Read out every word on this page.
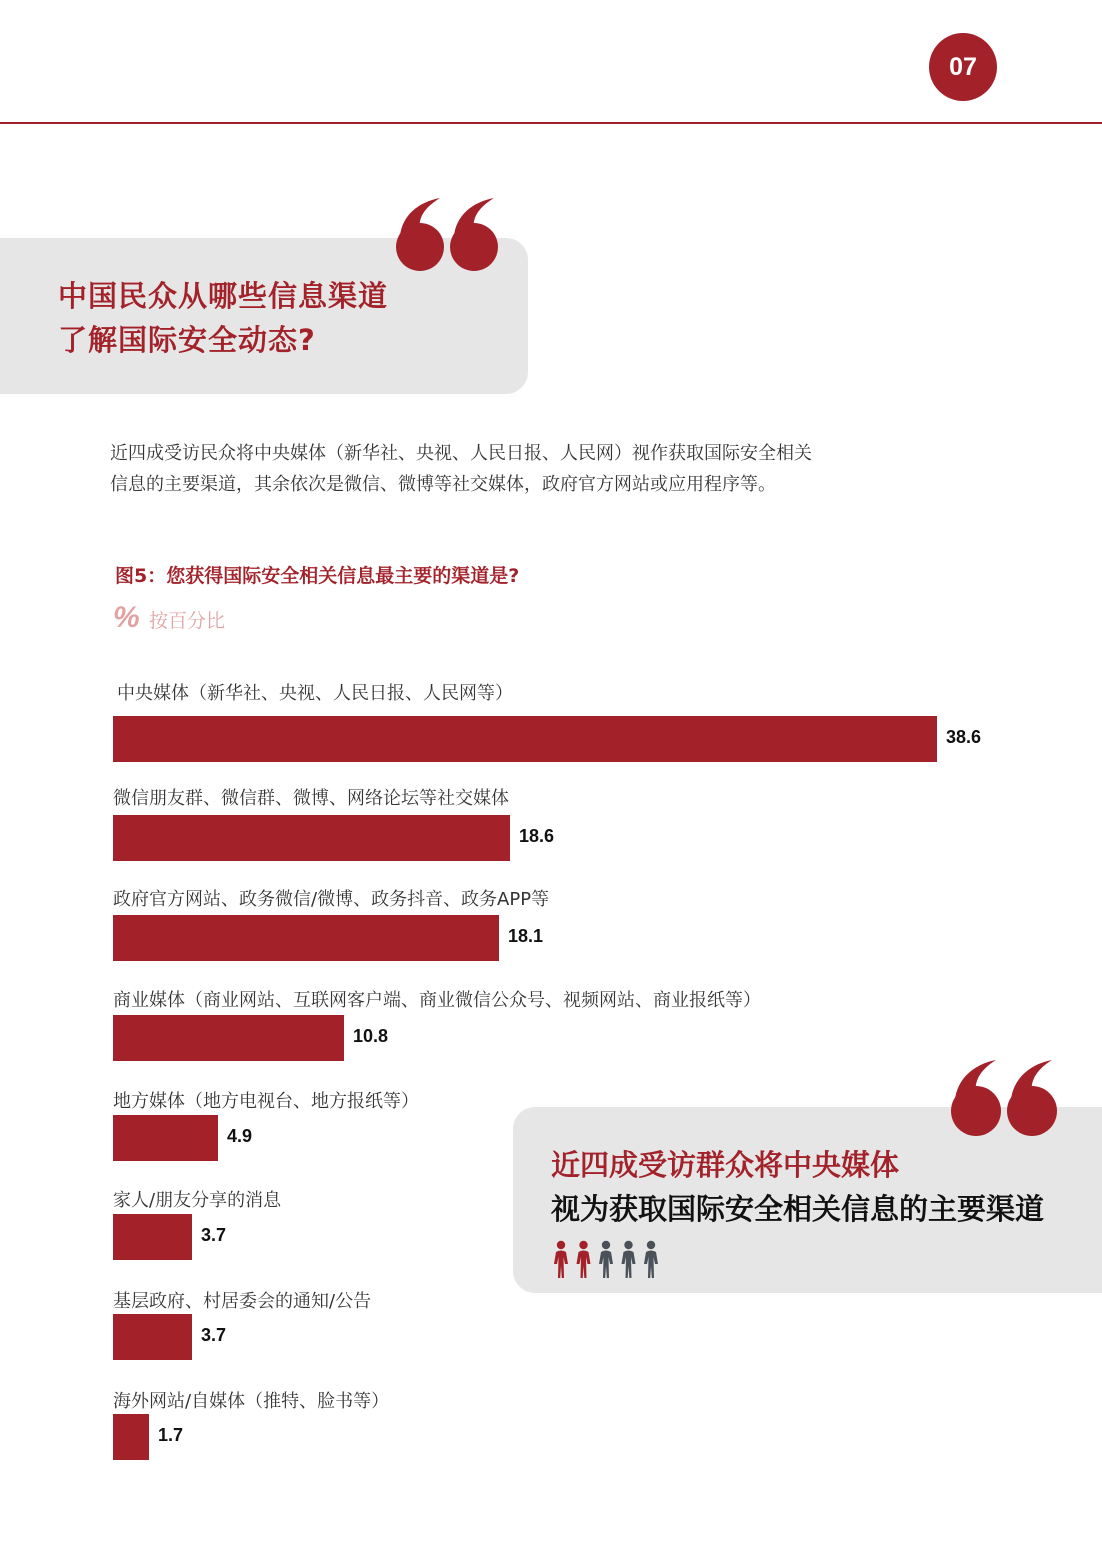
07
中国民众从哪些信息渠道
了解国际安全动态?
近四成受访民众将中央媒体（新华社、央视、人民日报、人民网）视作获取国际安全相关
信息的主要渠道，其余依次是微信、微博等社交媒体，政府官方网站或应用程序等。
图5：您获得国际安全相关信息最主要的渠道是?
% 按百分比
中央媒体（新华社、央视、人民日报、人民网等）
38.6
微信朋友群、微信群、微博、网络论坛等社交媒体
18.6
政府官方网站、政务微信/微博、政务抖音、政务APP等
18.1
商业媒体（商业网站、互联网客户端、商业微信公众号、视频网站、商业报纸等）
10.8
地方媒体（地方电视台、地方报纸等）
4.9
家人/朋友分享的消息
3.7
基层政府、村居委会的通知/公告
3.7
海外网站/自媒体（推特、脸书等）
1.7
近四成受访群众将中央媒体
视为获取国际安全相关信息的主要渠道
